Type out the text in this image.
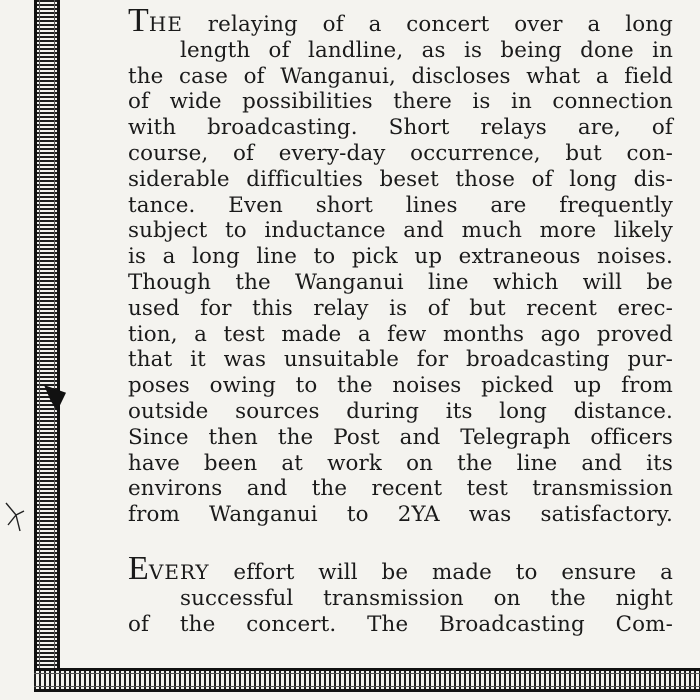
THE relaying of a concert over a long
length of landline, as is being done in
the case of Wanganui, discloses what a field
of wide possibilities there is in connection
with broadcasting. Short relays are, of
course, of every-day occurrence, but con-
siderable difficulties beset those of long dis-
tance. Even short lines are frequently
subject to inductance and much more likely
is a long line to pick up extraneous noises.
Though the Wanganui line which will be
used for this relay is of but recent erec-
tion, a test made a few months ago proved
that it was unsuitable for broadcasting pur-
poses owing to the noises picked up from
outside sources during its long distance.
Since then the Post and Telegraph officers
have been at work on the line and its
environs and the recent test transmission
from Wanganui to 2YA was satisfactory.

EVERY effort will be made to ensure a
successful transmission on the night
of the concert. The Broadcasting Com-
